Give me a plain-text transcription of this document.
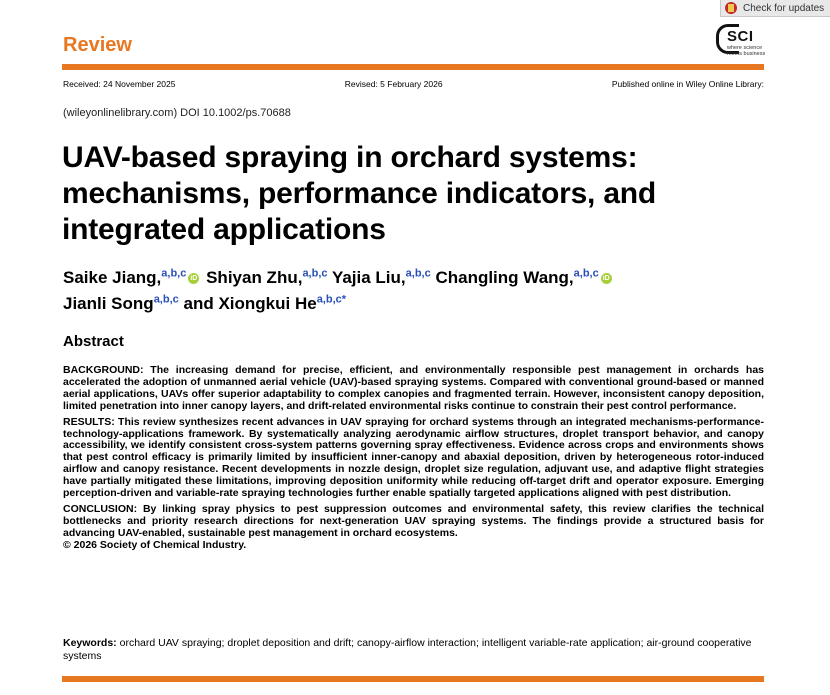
Check for updates
Review	SCI
where science meets business
Received: 24 November 2025	Revised: 5 February 2026	Published online in Wiley Online Library:
(wileyonlinelibrary.com) DOI 10.1002/ps.70688
UAV-based spraying in orchard systems: mechanisms, performance indicators, and integrated applications
Saike Jiang,$^{a,b,c}$ iD Shiyan Zhu,$^{a,b,c}$ Yajia Liu,$^{a,b,c}$ Changling Wang,$^{a,b,c}$ iD
Jianli Song$^{a,b,c}$ and Xiongkui $He^{a,b,c*}$
Abstract

BACKGROUND: The increasing demand for precise, efficient, and environmentally responsible pest management in orchards has accelerated the adoption of unmanned aerial vehicle (UAV)-based spraying systems. Compared with conventional ground-based or manned aerial applications, UAVs offer superior adaptability to complex canopies and fragmented terrain. However, inconsistent canopy deposition, limited penetration into inner canopy layers, and drift-related environmental risks continue to constrain their pest control performance.

RESULTS: This review synthesizes recent advances in UAV spraying for orchard systems through an integrated mechanisms-performance-technology-applications framework. By systematically analyzing aerodynamic airflow structures, droplet transport behavior, and canopy accessibility, we identify consistent cross-system patterns governing spray effectiveness. Evidence across crops and environments shows that pest control efficacy is primarily limited by insufficient inner-canopy and abaxial deposition, driven by heterogeneous rotor-induced airflow and canopy resistance. Recent developments in nozzle design, droplet size regulation, adjuvant use, and adaptive flight strategies have partially mitigated these limitations, improving deposition uniformity while reducing off-target drift and operator exposure. Emerging perception-driven and variable-rate spraying technologies further enable spatially targeted applications aligned with pest distribution.

CONCLUSION: By linking spray physics to pest suppression outcomes and environmental safety, this review clarifies the technical bottlenecks and priority research directions for next-generation UAV spraying systems. The findings provide a structured basis for advancing UAV-enabled, sustainable pest management in orchard ecosystems.

© 2026 Society of Chemical Industry.

Keywords: orchard UAV spraying; droplet deposition and drift; canopy-airflow interaction; intelligent variable-rate application; air-ground cooperative systems
